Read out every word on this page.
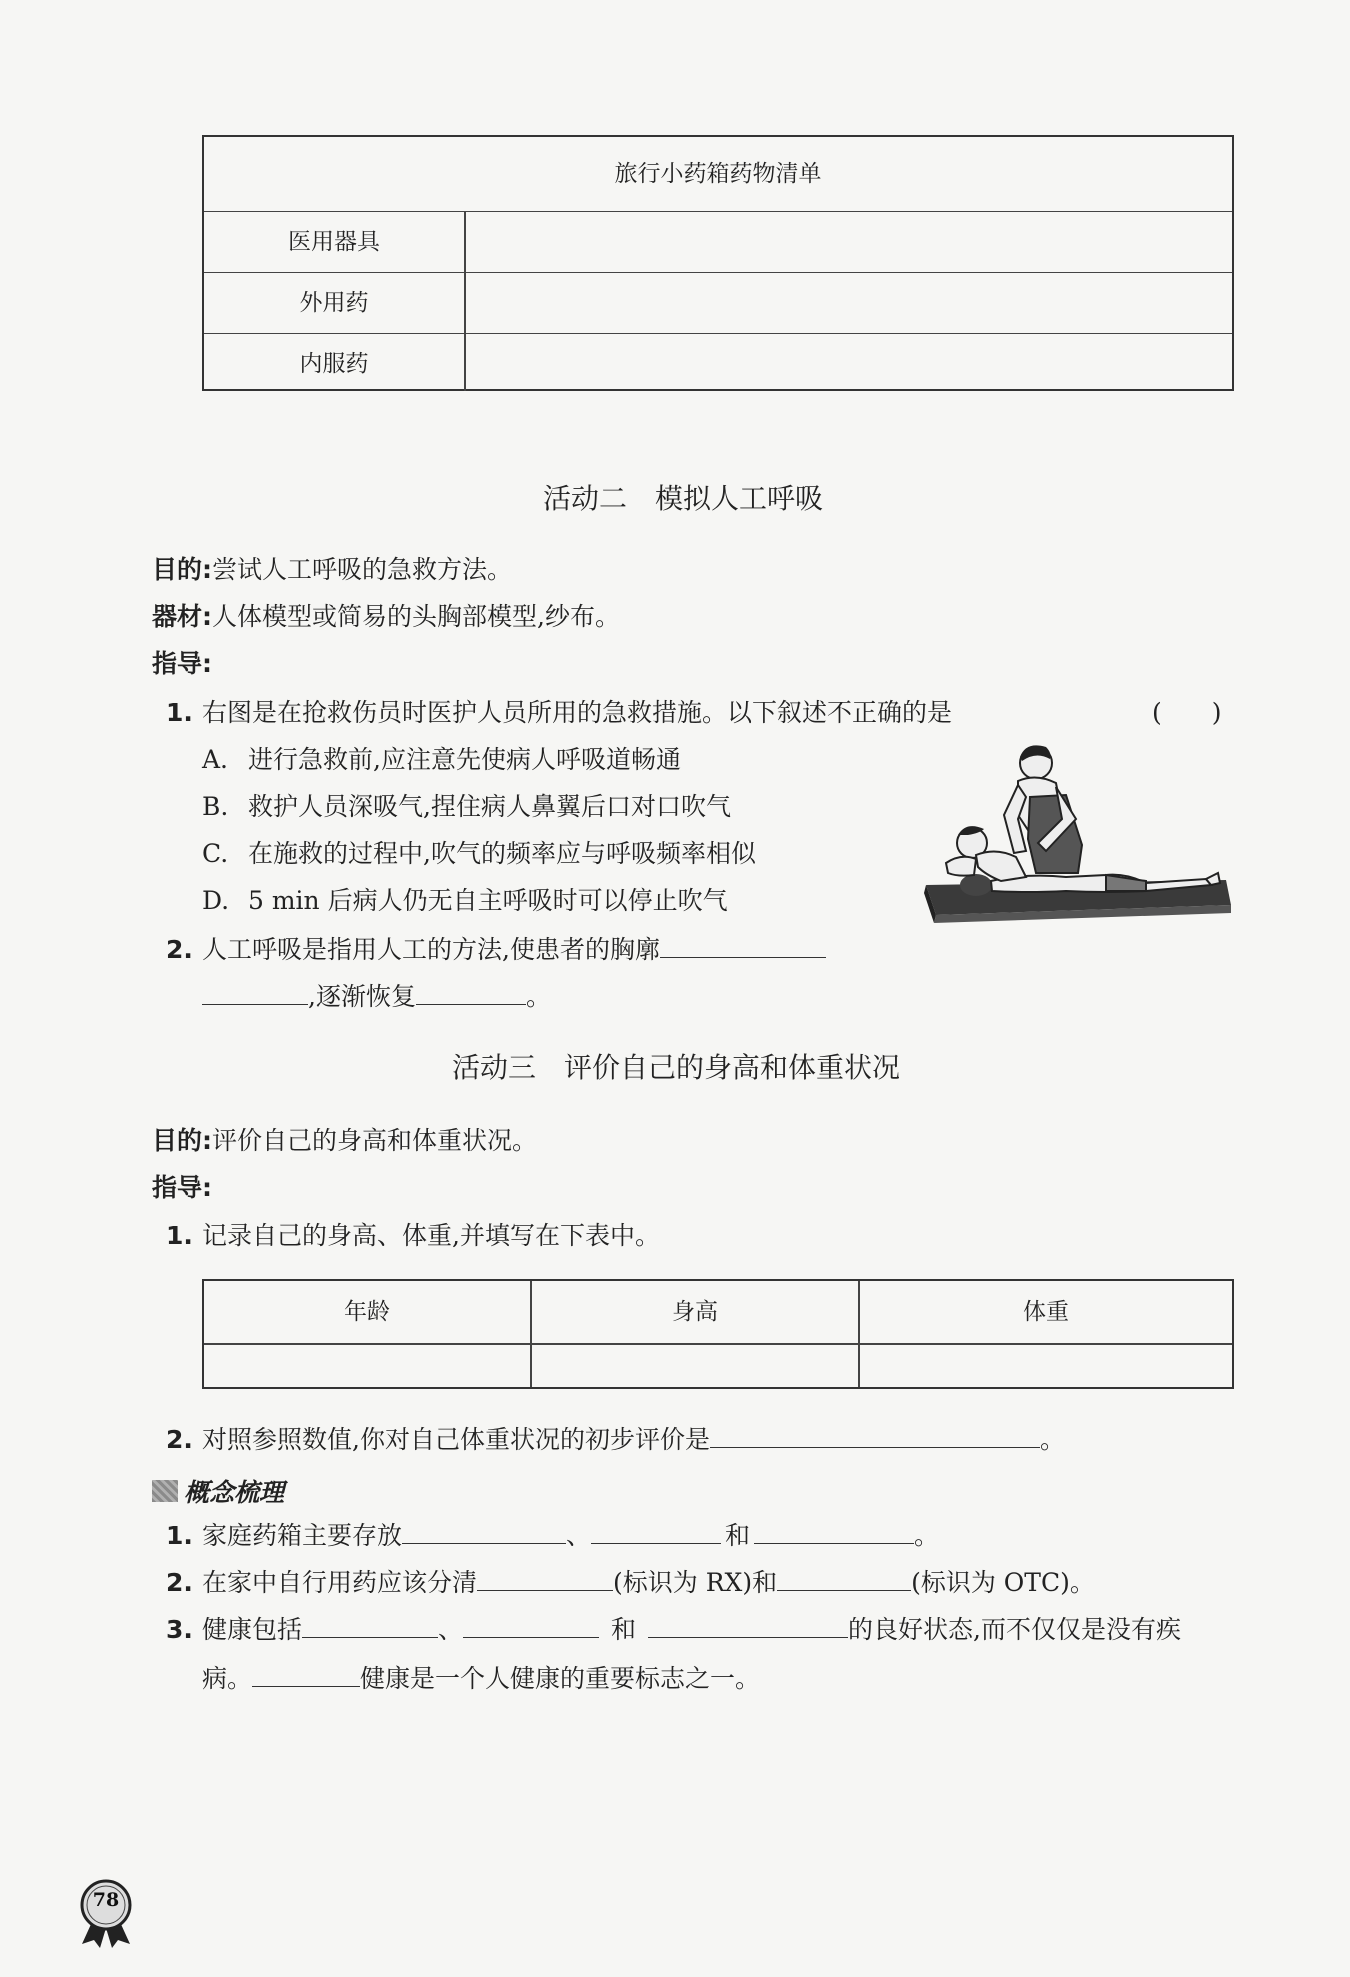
旅行小药箱药物清单
医用器具
外用药
内服药
活动二　模拟人工呼吸
目的:尝试人工呼吸的急救方法。
器材:人体模型或简易的头胸部模型,纱布。
指导:
1. 右图是在抢救伤员时医护人员所用的急救措施。以下叙述不正确的是	(　　)
A. 进行急救前,应注意先使病人呼吸道畅通
B. 救护人员深吸气,捏住病人鼻翼后口对口吹气
C. 在施救的过程中,吹气的频率应与呼吸频率相似
D. 5 min 后病人仍无自主呼吸时可以停止吹气
2. 人工呼吸是指用人工的方法,使患者的胸廓
,逐渐恢复	。
活动三　评价自己的身高和体重状况
目的:评价自己的身高和体重状况。
指导:
1. 记录自己的身高、体重,并填写在下表中。
年龄	身高	体重
2. 对照参照数值,你对自己体重状况的初步评价是	。
概念梳理
1. 家庭药箱主要存放	、	和	。
2. 在家中自行用药应该分清	(标识为 RX)和	(标识为 OTC)。
3. 健康包括	、	和	的良好状态,而不仅仅是没有疾
病。	健康是一个人健康的重要标志之一。
78
